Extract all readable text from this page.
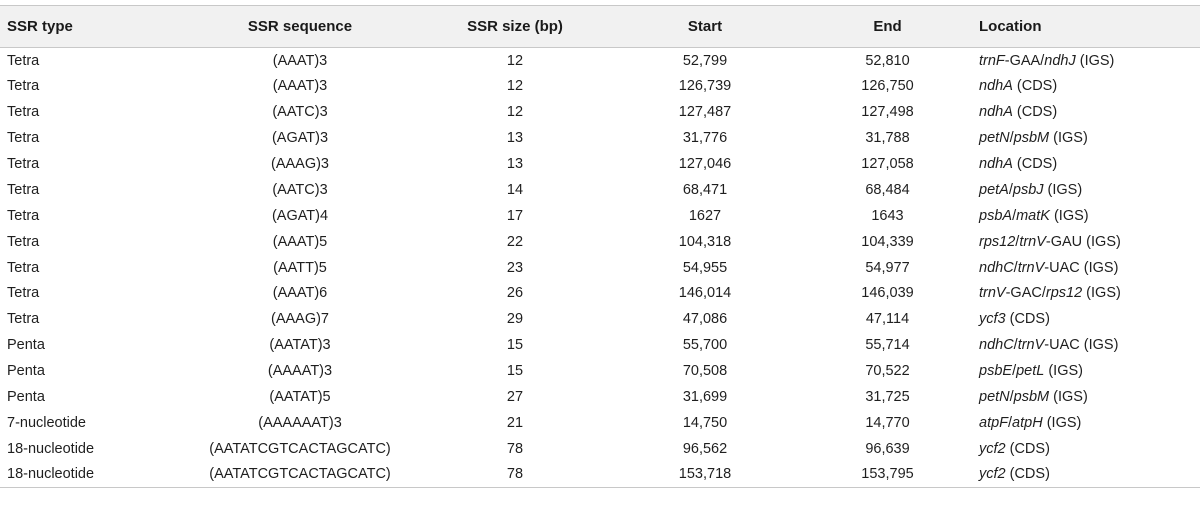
SSR type	SSR sequence	SSR size (bp)	Start	End	Location
Tetra	(AAAT)3	12	52,799	52,810	trnF-GAA/ndhJ (IGS)
Tetra	(AAAT)3	12	126,739	126,750	ndhA (CDS)
Tetra	(AATC)3	12	127,487	127,498	ndhA (CDS)
Tetra	(AGAT)3	13	31,776	31,788	petN/psbM (IGS)
Tetra	(AAAG)3	13	127,046	127,058	ndhA (CDS)
Tetra	(AATC)3	14	68,471	68,484	petA/psbJ (IGS)
Tetra	(AGAT)4	17	1627	1643	psbA/matK (IGS)
Tetra	(AAAT)5	22	104,318	104,339	rps12/trnV-GAU (IGS)
Tetra	(AATT)5	23	54,955	54,977	ndhC/trnV-UAC (IGS)
Tetra	(AAAT)6	26	146,014	146,039	trnV-GAC/rps12 (IGS)
Tetra	(AAAG)7	29	47,086	47,114	ycf3 (CDS)
Penta	(AATAT)3	15	55,700	55,714	ndhC/trnV-UAC (IGS)
Penta	(AAAAT)3	15	70,508	70,522	psbE/petL (IGS)
Penta	(AATAT)5	27	31,699	31,725	petN/psbM (IGS)
7-nucleotide	(AAAAAAT)3	21	14,750	14,770	atpF/atpH (IGS)
18-nucleotide	(AATATCGTCACTAGCATC)	78	96,562	96,639	ycf2 (CDS)
18-nucleotide	(AATATCGTCACTAGCATC)	78	153,718	153,795	ycf2 (CDS)
